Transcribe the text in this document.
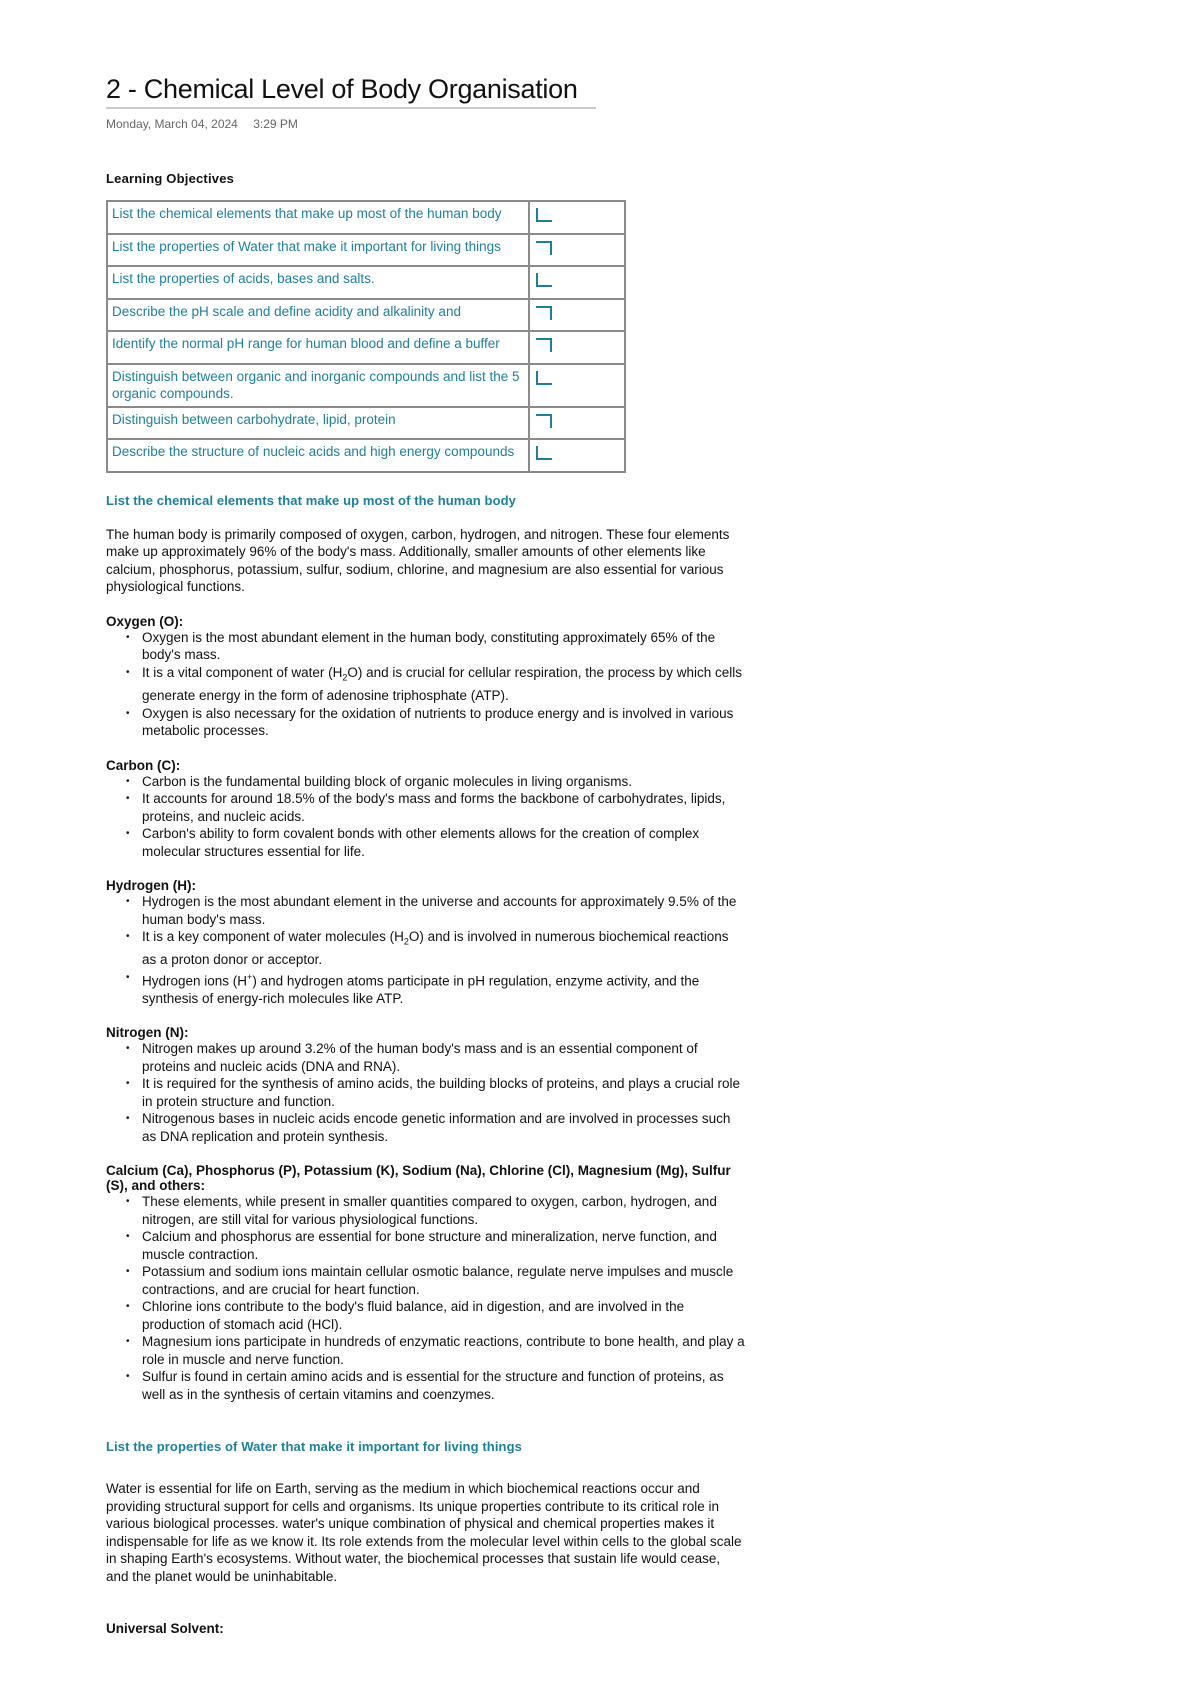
2 - Chemical Level of Body Organisation
Monday, March 04, 2024 3:29 PM
Learning Objectives
List the chemical elements that make up most of the human body	
List the properties of Water that make it important for living things	
List the properties of acids, bases and salts.	
Describe the pH scale and define acidity and alkalinity and	
Identify the normal pH range for human blood and define a buffer	
Distinguish between organic and inorganic compounds and list the 5 organic compounds.	
Distinguish between carbohydrate, lipid, protein	
Describe the structure of nucleic acids and high energy compounds	
List the chemical elements that make up most of the human body

The human body is primarily composed of oxygen, carbon, hydrogen, and nitrogen. These four elements make up approximately 96% of the body's mass. Additionally, smaller amounts of other elements like calcium, phosphorus, potassium, sulfur, sodium, chlorine, and magnesium are also essential for various physiological functions.

Oxygen (O):
• Oxygen is the most abundant element in the human body, constituting approximately 65% of the body's mass.
• It is a vital component of water $(H_2O)$ and is crucial for cellular respiration, the process by which cells generate energy in the form of adenosine triphosphate (ATP).
• Oxygen is also necessary for the oxidation of nutrients to produce energy and is involved in various metabolic processes.
Carbon (C):
• Carbon is the fundamental building block of organic molecules in living organisms.
• It accounts for around 18.5% of the body's mass and forms the backbone of carbohydrates, lipids, proteins, and nucleic acids.
• Carbon's ability to form covalent bonds with other elements allows for the creation of complex molecular structures essential for life.
Hydrogen (H):
• Hydrogen is the most abundant element in the universe and accounts for approximately 9.5% of the human body's mass.
• It is a key component of water molecules $(H_2O)$ and is involved in numerous biochemical reactions as a proton donor or acceptor.
• Hydrogen ions (H+) and hydrogen atoms participate in pH regulation, enzyme activity, and the synthesis of energy-rich molecules like ATP.
Nitrogen (N):
• Nitrogen makes up around 3.2% of the human body's mass and is an essential component of proteins and nucleic acids (DNA and RNA).
• It is required for the synthesis of amino acids, the building blocks of proteins, and plays a crucial role in protein structure and function.
• Nitrogenous bases in nucleic acids encode genetic information and are involved in processes such as DNA replication and protein synthesis.
Calcium (Ca), Phosphorus (P), Potassium (K), Sodium (Na), Chlorine (Cl), Magnesium (Mg), Sulfur (S), and others:
• These elements, while present in smaller quantities compared to oxygen, carbon, hydrogen, and nitrogen, are still vital for various physiological functions.
• Calcium and phosphorus are essential for bone structure and mineralization, nerve function, and muscle contraction.
• Potassium and sodium ions maintain cellular osmotic balance, regulate nerve impulses and muscle contractions, and are crucial for heart function.
• Chlorine ions contribute to the body's fluid balance, aid in digestion, and are involved in the production of stomach acid (HCl).
• Magnesium ions participate in hundreds of enzymatic reactions, contribute to bone health, and play a role in muscle and nerve function.
• Sulfur is found in certain amino acids and is essential for the structure and function of proteins, as well as in the synthesis of certain vitamins and coenzymes.
List the properties of Water that make it important for living things

Water is essential for life on Earth, serving as the medium in which biochemical reactions occur and providing structural support for cells and organisms. Its unique properties contribute to its critical role in various biological processes. water's unique combination of physical and chemical properties makes it indispensable for life as we know it. Its role extends from the molecular level within cells to the global scale in shaping Earth's ecosystems. Without water, the biochemical processes that sustain life would cease, and the planet would be uninhabitable.

Universal Solvent:
